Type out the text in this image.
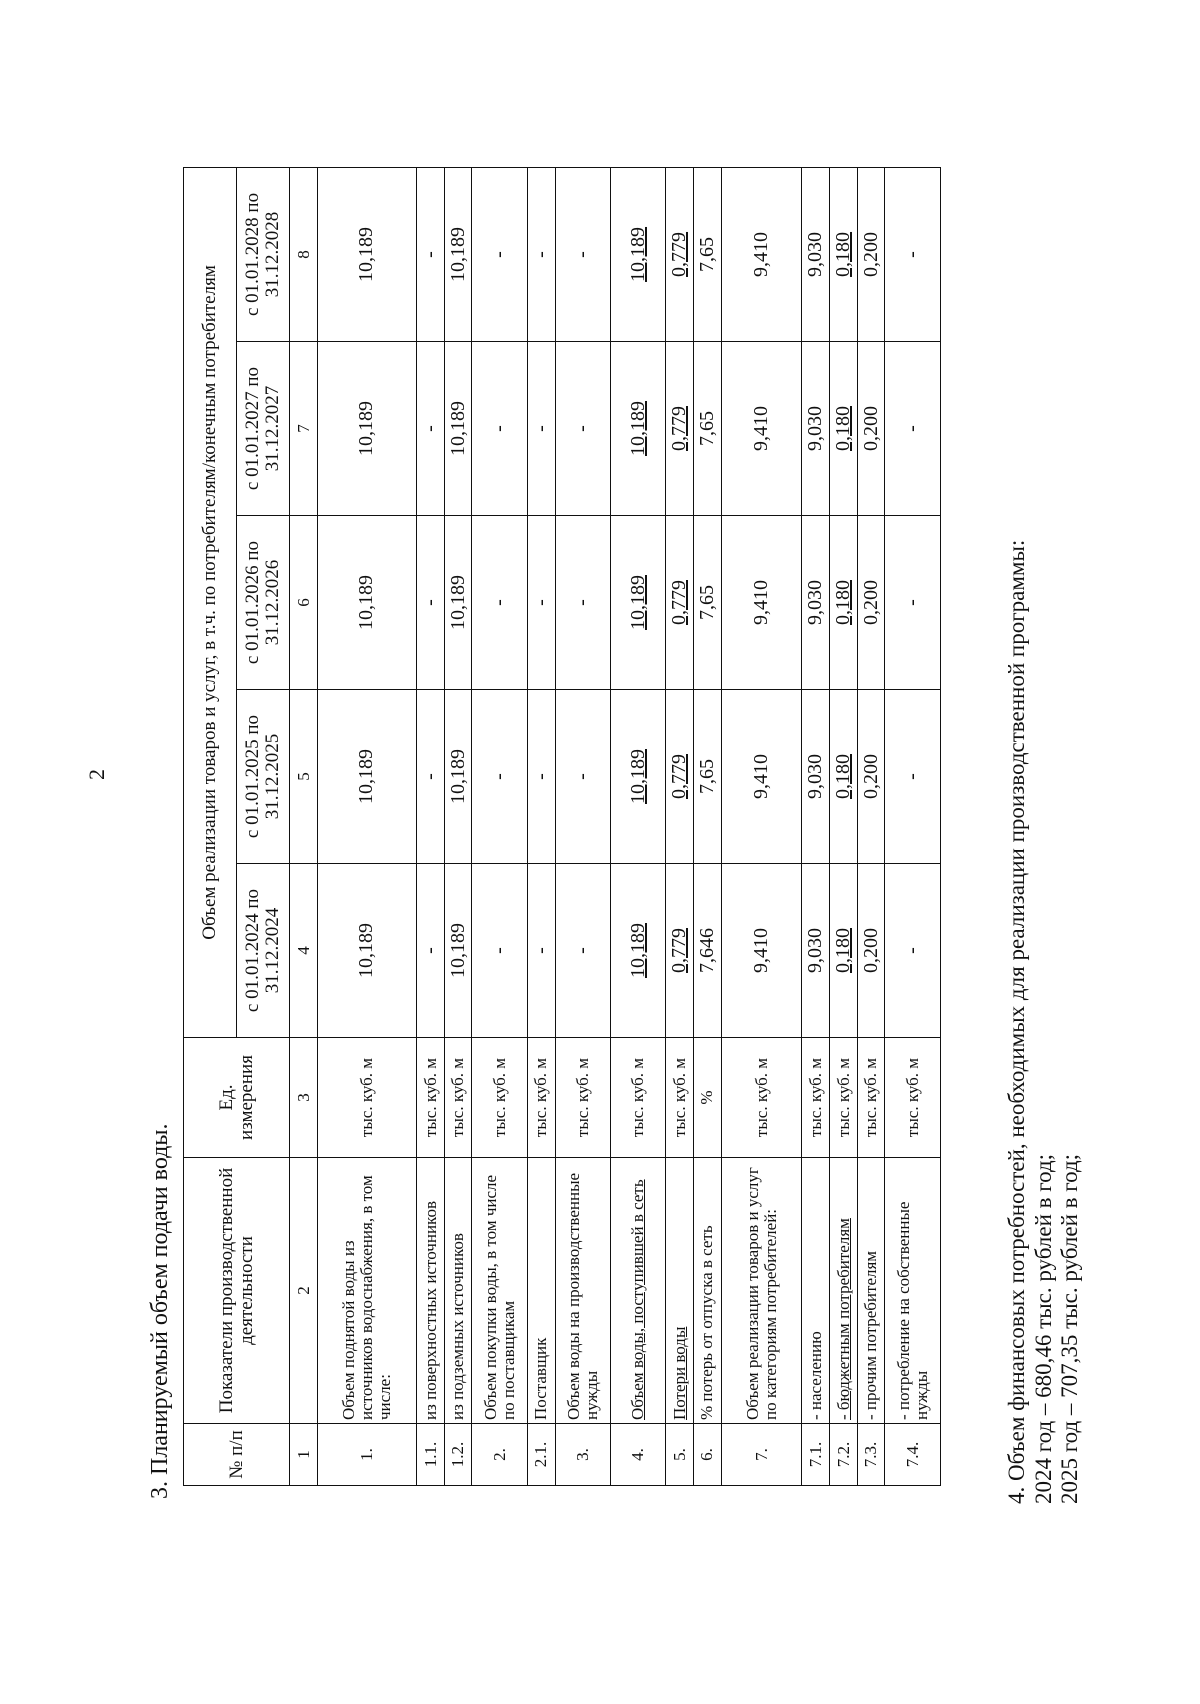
2
3. Планируемый объем подачи воды.	№ п/п	Показатели производственной деятельности	Ед. измерения	Объем реализации товаров и услуг, в т.ч. по потребителям/конечным потребителям				
			с 01.01.2024 по 31.12.2024	с 01.01.2025 по 31.12.2025	с 01.01.2026 по 31.12.2026	с 01.01.2027 по 31.12.2027	с 01.01.2028 по 31.12.2028
1	2	3	4	5	6	7	8
1.	Объем поднятой воды из источников водоснабжения, в том числе:	тыс. куб. м	10,189	10,189	10,189	10,189	10,189
1.1.	из поверхностных источников	тыс. куб. м	-	-	-	-	-
1.2.	из подземных источников	тыс. куб. м	10,189	10,189	10,189	10,189	10,189
2.	Объем покупки воды, в том числе по поставщикам	тыс. куб. м	-	-	-	-	-
2.1.	Поставщик	тыс. куб. м	-	-	-	-	-
3.	Объем воды на производственные нужды	тыс. куб. м	-	-	-	-	-
4.	Объем воды, поступившей в сеть	тыс. куб. м	10,189	10,189	10,189	10,189	10,189
5.	Потери воды	тыс. куб. м	0,779	0,779	0,779	0,779	0,779
6.	% потерь от отпуска в сеть	%	7,646	7,65	7,65	7,65	7,65
7.	Объем реализации товаров и услуг по категориям потребителей:	тыс. куб. м	9,410	9,410	9,410	9,410	9,410
7.1.	- населению	тыс. куб. м	9,030	9,030	9,030	9,030	9,030
7.2.	- бюджетным потребителям	тыс. куб. м	0,180	0,180	0,180	0,180	0,180
7.3.	- прочим потребителям	тыс. куб. м	0,200	0,200	0,200	0,200	0,200
7.4.	- потребление на собственные нужды	тыс. куб. м	-	-	-	-	-
4. Объем финансовых потребностей, необходимых для реализации производственной программы: 2024 год – 680,46 тыс. рублей в год; 2025 год – 707,35 тыс. рублей в год;
